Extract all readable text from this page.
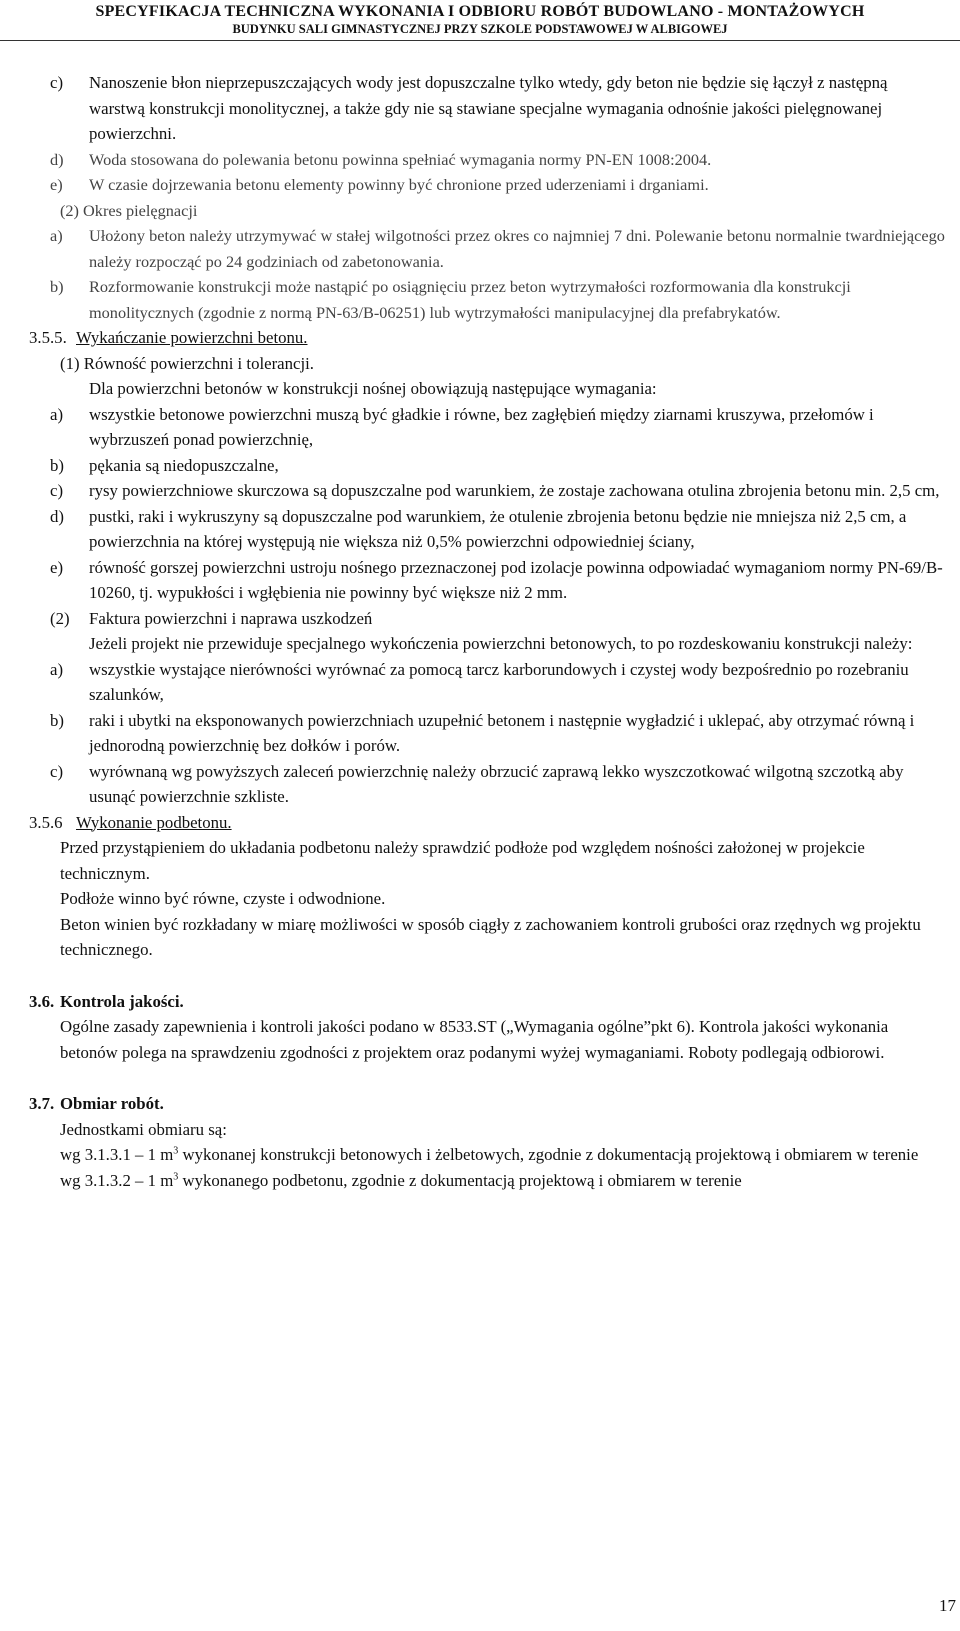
SPECYFIKACJA TECHNICZNA WYKONANIA I ODBIORU ROBÓT BUDOWLANO - MONTAŻOWYCH
BUDYNKU SALI GIMNASTYCZNEJ PRZY SZKOLE PODSTAWOWEJ W ALBIGOWEJ
c) Nanoszenie błon nieprzepuszczających wody jest dopuszczalne tylko wtedy, gdy beton nie będzie się łączył z następną warstwą konstrukcji monolitycznej, a także gdy nie są stawiane specjalne wymagania odnośnie jakości pielęgnowanej powierzchni.
d) Woda stosowana do polewania betonu powinna spełniać wymagania normy PN-EN 1008:2004.
e) W czasie dojrzewania betonu elementy powinny być chronione przed uderzeniami i drganiami.
(2) Okres pielęgnacji
a) Ułożony beton należy utrzymywać w stałej wilgotności przez okres co najmniej 7 dni. Polewanie betonu normalnie twardniejącego należy rozpocząć po 24 godziniach od zabetonowania.
b) Rozformowanie konstrukcji może nastąpić po osiągnięciu przez beton wytrzymałości rozformowania dla konstrukcji monolitycznych (zgodnie z normą PN-63/B-06251) lub wytrzymałości manipulacyjnej dla prefabrykatów.
3.5.5. Wykańczanie powierzchni betonu.
(1) Równość powierzchni i tolerancji.
Dla powierzchni betonów w konstrukcji nośnej obowiązują następujące wymagania:
a) wszystkie betonowe powierzchni muszą być gładkie i równe, bez zagłębień między ziarnami kruszywa, przełomów i wybrzuszeń ponad powierzchnię,
b) pękania są niedopuszczalne,
c) rysy powierzchniowe skurczowa są dopuszczalne pod warunkiem, że zostaje zachowana otulina zbrojenia betonu min. 2,5 cm,
d) pustki, raki i wykruszyny są dopuszczalne pod warunkiem, że otulenie zbrojenia betonu będzie nie mniejsza niż 2,5 cm, a powierzchnia na której występują nie większa niż 0,5% powierzchni odpowiedniej ściany,
e) równość gorszej powierzchni ustroju nośnego przeznaczonej pod izolacje powinna odpowiadać wymaganiom normy PN-69/B-10260, tj. wypukłości i wgłębienia nie powinny być większe niż 2 mm.
(2) Faktura powierzchni i naprawa uszkodzeń
Jeżeli projekt nie przewiduje specjalnego wykończenia powierzchni betonowych, to po rozdeskowaniu konstrukcji należy:
a) wszystkie wystające nierówności wyrównać za pomocą tarcz karborundowych i czystej wody bezpośrednio po rozebraniu szalunków,
b) raki i ubytki na eksponowanych powierzchniach uzupełnić betonem i następnie wygładzić i uklepać, aby otrzymać równą i jednorodną powierzchnię bez dołków i porów.
c) wyrównaną wg powyższych zaleceń powierzchnię należy obrzucić zaprawą lekko wyszczotkować wilgotną szczotką aby usunąć powierzchnie szkliste.
3.5.6 Wykonanie podbetonu.
Przed przystąpieniem do układania podbetonu należy sprawdzić podłoże pod względem nośności założonej w projekcie technicznym.
Podłoże winno być równe, czyste i odwodnione.
Beton winien być rozkładany w miarę możliwości w sposób ciągły z zachowaniem kontroli grubości oraz rzędnych wg projektu technicznego.
3.6. Kontrola jakości.
Ogólne zasady zapewnienia i kontroli jakości podano w 8533.ST („Wymagania ogólne”pkt 6). Kontrola jakości wykonania betonów polega na sprawdzeniu zgodności z projektem oraz podanymi wyżej wymaganiami. Roboty podlegają odbiorowi.
3.7. Obmiar robót.
Jednostkami obmiaru są:
wg 3.1.3.1 – 1 $m^3$ wykonanej konstrukcji betonowych i żelbetowych, zgodnie z dokumentacją projektową i obmiarem w terenie
wg 3.1.3.2 – 1 $m^3$ wykonanego podbetonu, zgodnie z dokumentacją projektową i obmiarem w terenie
17
